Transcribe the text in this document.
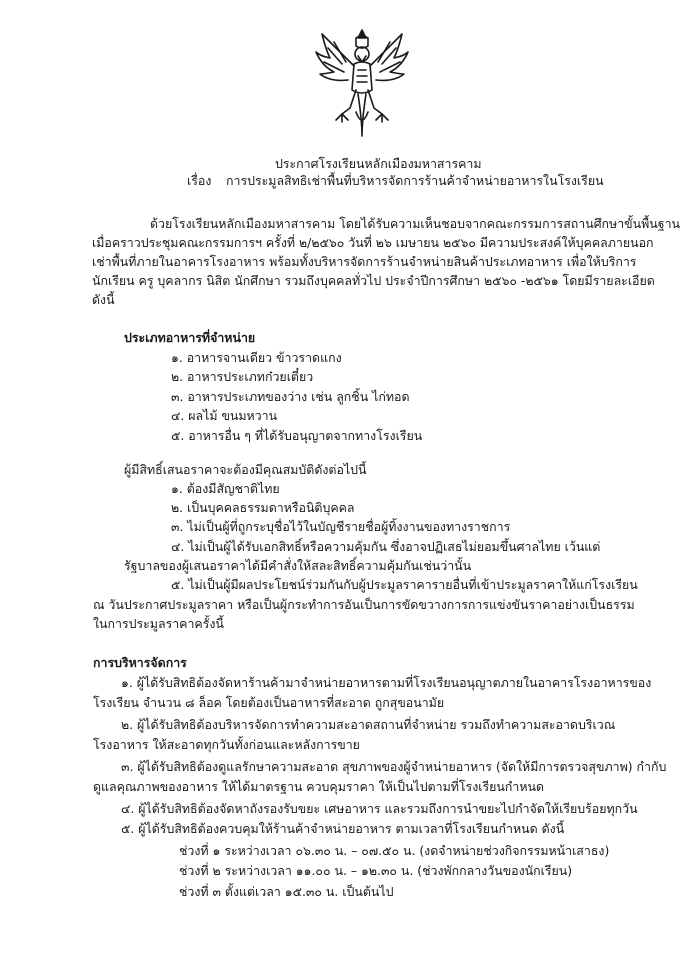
ประกาศโรงเรียนหลักเมืองมหาสารคาม
เรื่อง การประมูลสิทธิเช่าพื้นที่บริหารจัดการร้านค้าจำหน่ายอาหารในโรงเรียน
ด้วยโรงเรียนหลักเมืองมหาสารคาม โดยได้รับความเห็นชอบจากคณะกรรมการสถานศึกษาขั้นพื้นฐาน
เมื่อคราวประชุมคณะกรรมการฯ ครั้งที่ ๒/๒๕๖๐ วันที่ ๒๖ เมษายน ๒๕๖๐ มีความประสงค์ให้บุคคลภายนอก
เช่าพื้นที่ภายในอาคารโรงอาหาร พร้อมทั้งบริหารจัดการร้านจำหน่ายสินค้าประเภทอาหาร เพื่อให้บริการ
นักเรียน ครู บุคลากร นิสิต นักศึกษา รวมถึงบุคคลทั่วไป ประจำปีการศึกษา ๒๕๖๐ -๒๕๖๑ โดยมีรายละเอียด
ดังนี้
ประเภทอาหารที่จำหน่าย
๑. อาหารจานเดียว ข้าวราดแกง
๒. อาหารประเภทก๋วยเตี๋ยว
๓. อาหารประเภทของว่าง เช่น ลูกชิ้น ไก่ทอด
๔. ผลไม้ ขนมหวาน
๕. อาหารอื่น ๆ ที่ได้รับอนุญาตจากทางโรงเรียน
ผู้มีสิทธิ์เสนอราคาจะต้องมีคุณสมบัติดังต่อไปนี้
๑. ต้องมีสัญชาติไทย
๒. เป็นบุคคลธรรมดาหรือนิติบุคคล
๓. ไม่เป็นผู้ที่ถูกระบุชื่อไว้ในบัญชีรายชื่อผู้ทิ้งงานของทางราชการ
๔. ไม่เป็นผู้ได้รับเอกสิทธิ์หรือความคุ้มกัน ซึ่งอาจปฏิเสธไม่ยอมขึ้นศาลไทย เว้นแต่
รัฐบาลของผู้เสนอราคาได้มีคำสั่งให้สละสิทธิ์ความคุ้มกันเช่นว่านั้น
๕. ไม่เป็นผู้มีผลประโยชน์ร่วมกันกับผู้ประมูลราคารายอื่นที่เข้าประมูลราคาให้แก่โรงเรียน
ณ วันประกาศประมูลราคา หรือเป็นผู้กระทำการอันเป็นการขัดขวางการการแข่งขันราคาอย่างเป็นธรรม
ในการประมูลราคาครั้งนี้
การบริหารจัดการ
๑. ผู้ได้รับสิทธิต้องจัดหาร้านค้ามาจำหน่ายอาหารตามที่โรงเรียนอนุญาตภายในอาคารโรงอาหารของ
โรงเรียน จำนวน ๘ ล็อค โดยต้องเป็นอาหารที่สะอาด ถูกสุขอนามัย
๒. ผู้ได้รับสิทธิต้องบริหารจัดการทำความสะอาดสถานที่จำหน่าย รวมถึงทำความสะอาดบริเวณ
โรงอาหาร ให้สะอาดทุกวันทั้งก่อนและหลังการขาย
๓. ผู้ได้รับสิทธิต้องดูแลรักษาความสะอาด สุขภาพของผู้จำหน่ายอาหาร (จัดให้มีการตรวจสุขภาพ) กำกับ
ดูแลคุณภาพของอาหาร ให้ได้มาตรฐาน ควบคุมราคา ให้เป็นไปตามที่โรงเรียนกำหนด
๔. ผู้ได้รับสิทธิต้องจัดหาถังรองรับขยะ เศษอาหาร และรวมถึงการนำขยะไปกำจัดให้เรียบร้อยทุกวัน
๕. ผู้ได้รับสิทธิต้องควบคุมให้ร้านค้าจำหน่ายอาหาร ตามเวลาที่โรงเรียนกำหนด ดังนี้
ช่วงที่ ๑ ระหว่างเวลา ๐๖.๓๐ น. – ๐๗.๕๐ น. (งดจำหน่ายช่วงกิจกรรมหน้าเสาธง)
ช่วงที่ ๒ ระหว่างเวลา ๑๑.๐๐ น. – ๑๒.๓๐ น. (ช่วงพักกลางวันของนักเรียน)
ช่วงที่ ๓ ตั้งแต่เวลา ๑๕.๓๐ น. เป็นต้นไป
